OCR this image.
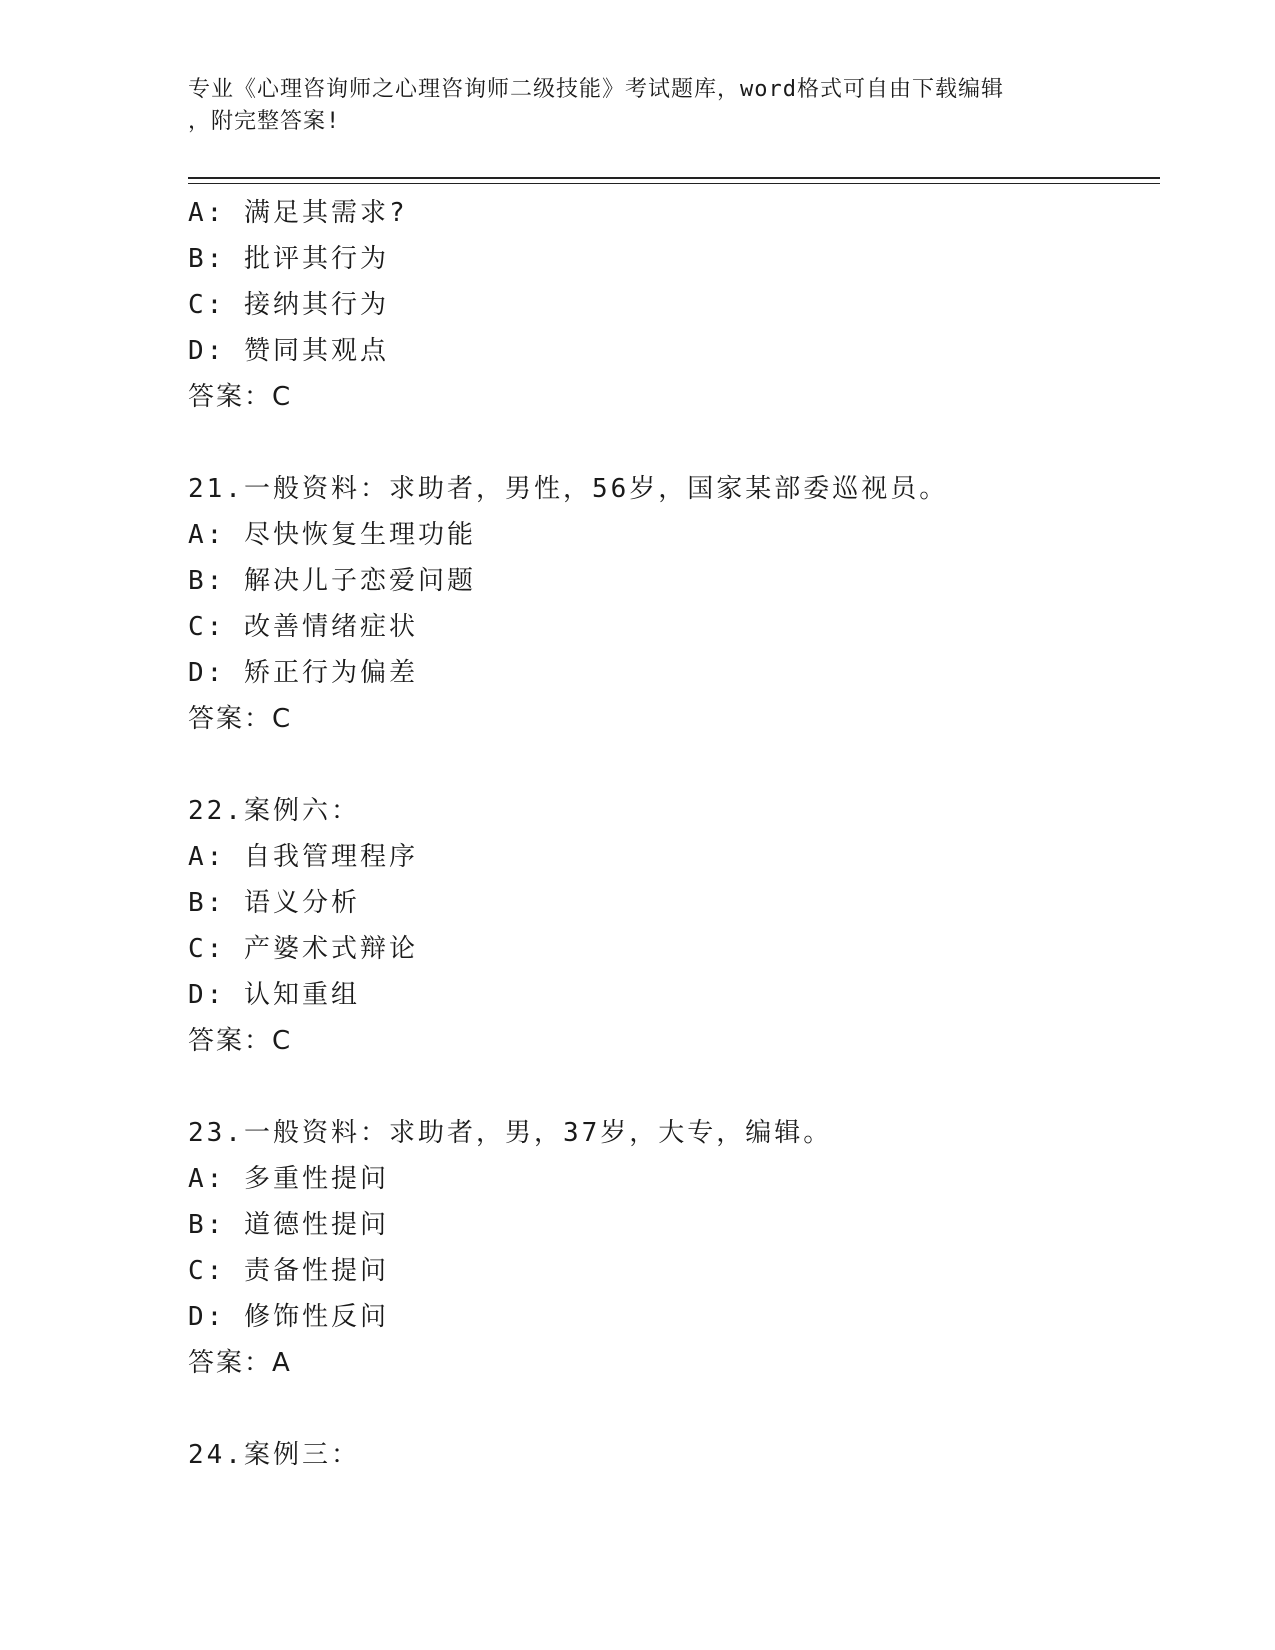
专业《心理咨询师之心理咨询师二级技能》考试题库，word格式可自由下载编辑
，附完整答案!
A: 满足其需求?
B: 批评其行为
C: 接纳其行为
D: 赞同其观点
答案：C
21.一般资料：求助者，男性，56岁，国家某部委巡视员。
A: 尽快恢复生理功能
B: 解决儿子恋爱问题
C: 改善情绪症状
D: 矫正行为偏差
答案：C
22.案例六：
A: 自我管理程序
B: 语义分析
C: 产婆术式辩论
D: 认知重组
答案：C
23.一般资料：求助者，男，37岁，大专，编辑。
A: 多重性提问
B: 道德性提问
C: 责备性提问
D: 修饰性反问
答案：A
24.案例三：
